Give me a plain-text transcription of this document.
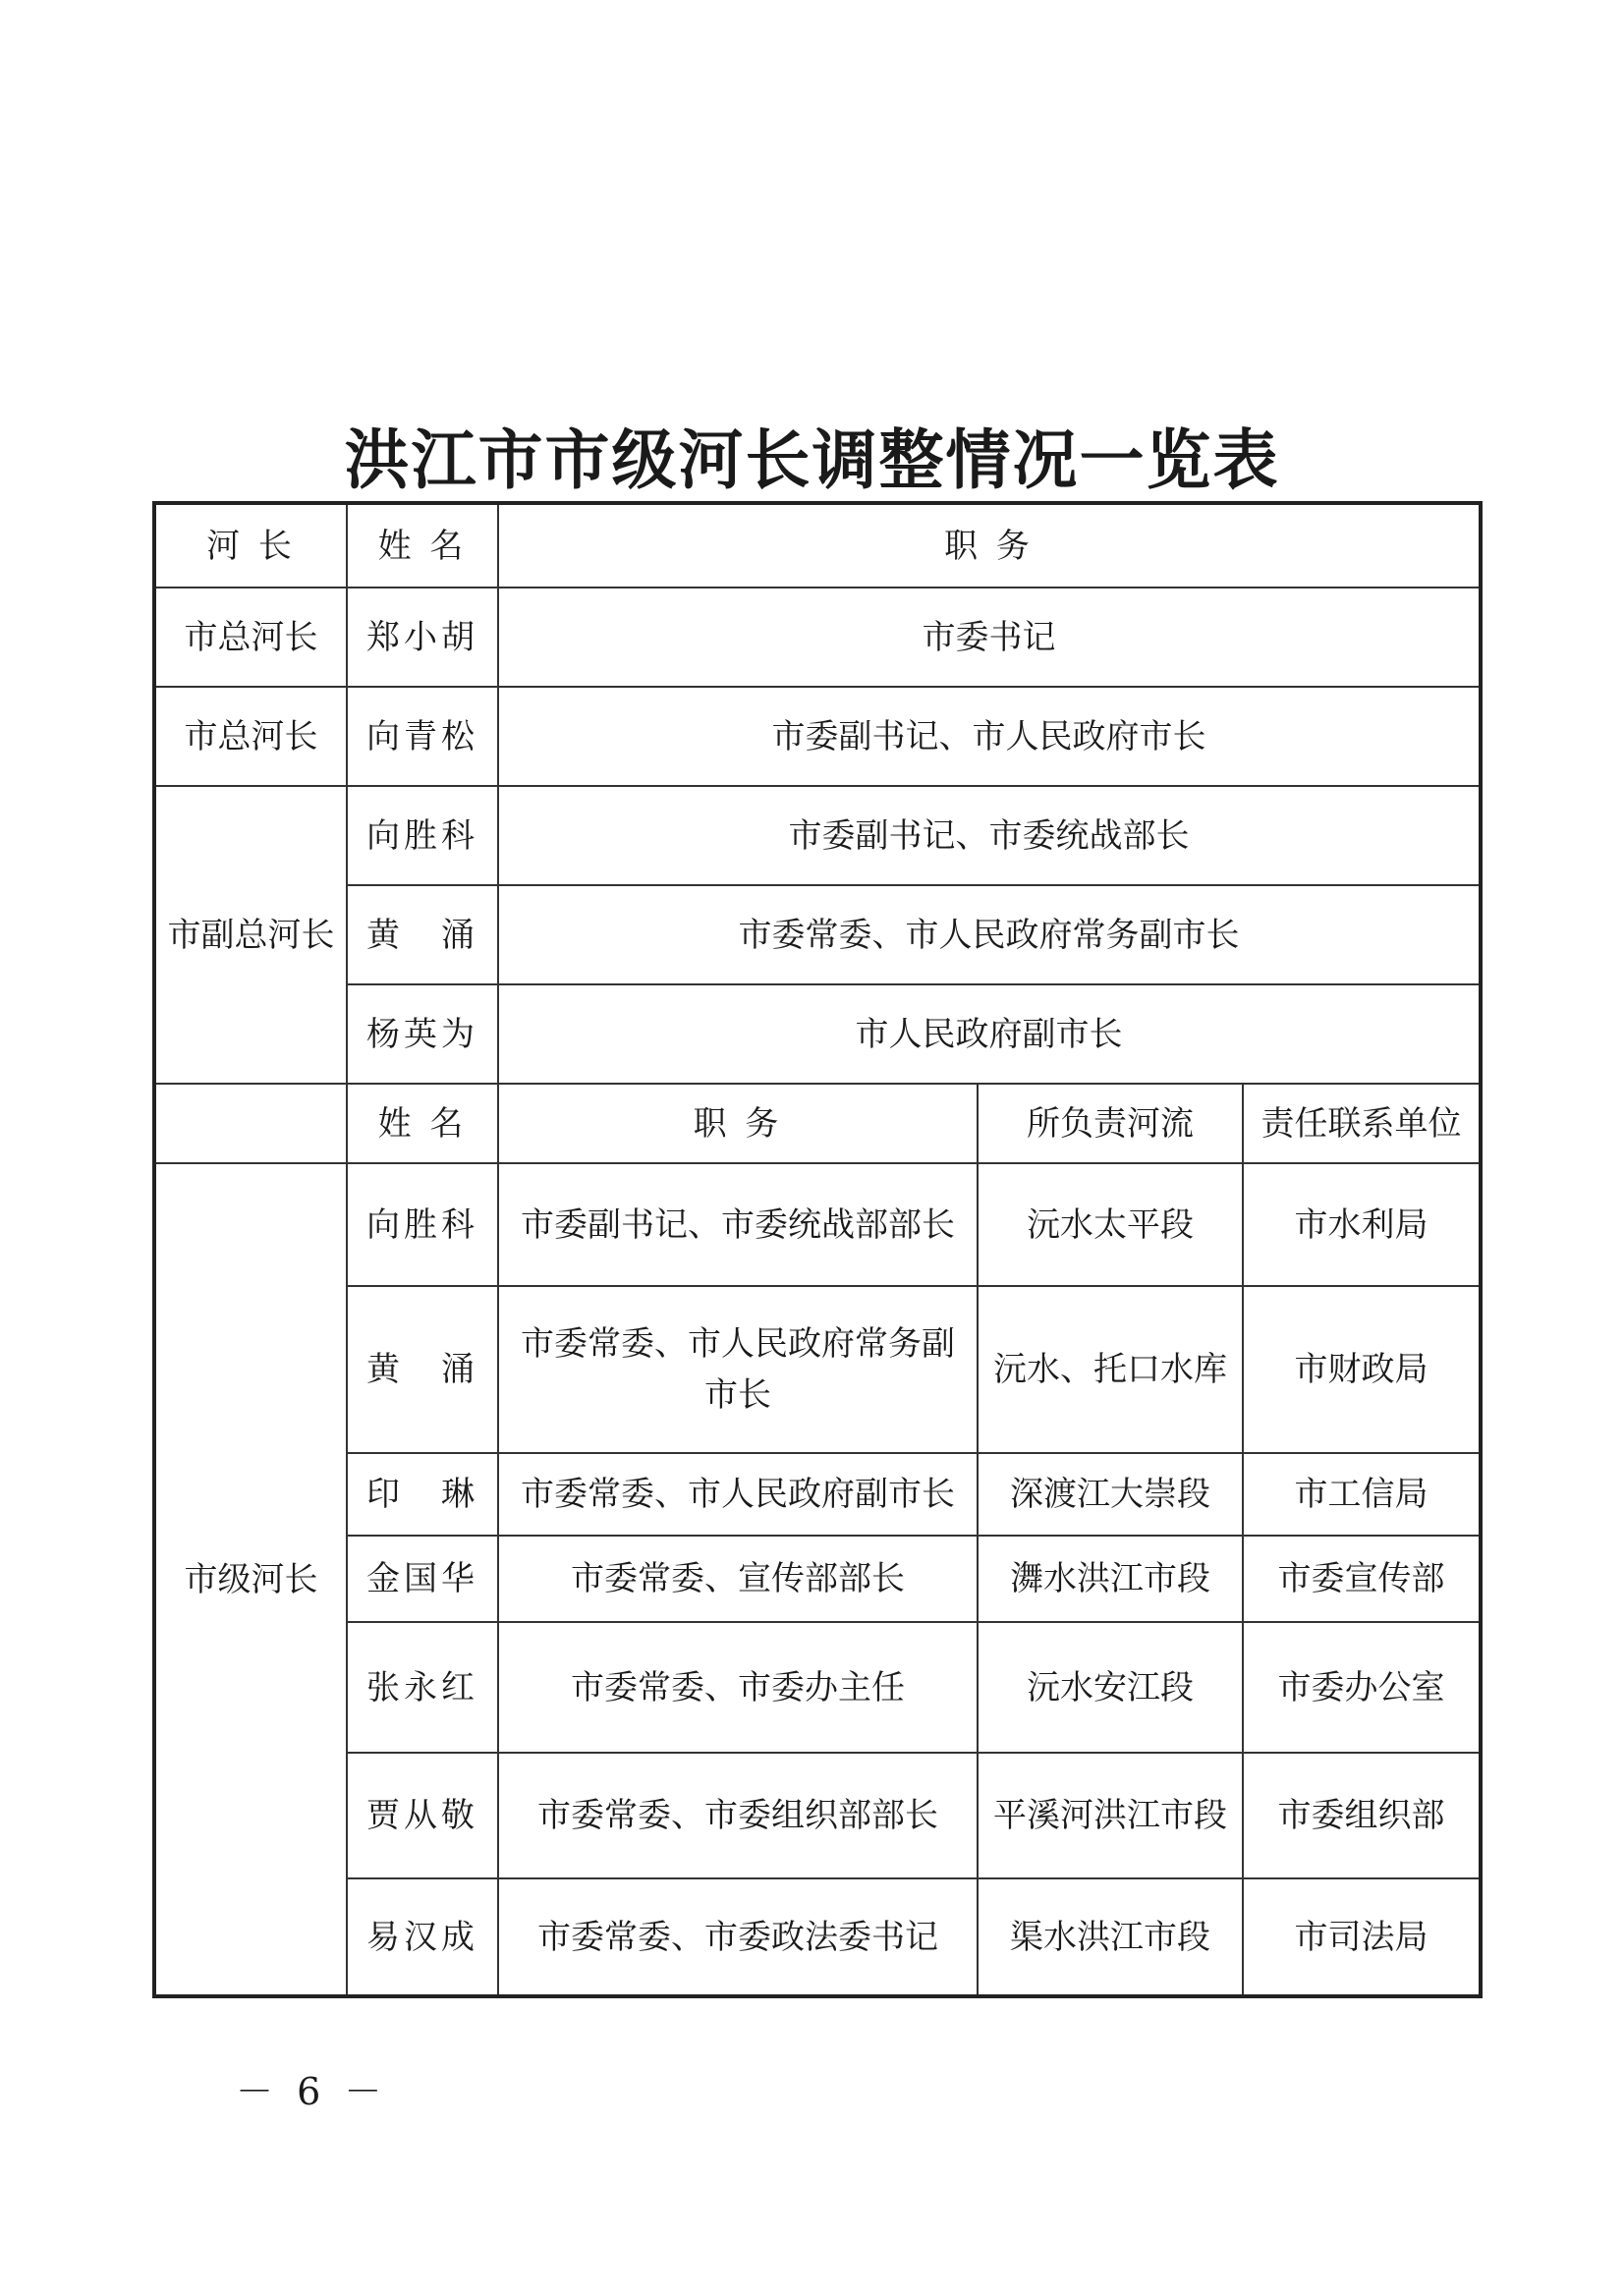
洪江市市级河长调整情况一览表
河 长	姓 名	职 务		
市总河长	郑小胡	市委书记		
市总河长	向青松	市委副书记、市人民政府市长		
市副总河长	向胜科	市委副书记、市委统战部长		
	黄　涌	市委常委、市人民政府常务副市长		
	杨英为	市人民政府副市长		
	姓 名	职 务	所负责河流	责任联系单位
市级河长	向胜科	市委副书记、市委统战部部长	沅水太平段	市水利局
	黄　涌	市委常委、市人民政府常务副市长	沅水、托口水库	市财政局
	印　琳	市委常委、市人民政府副市长	深渡江大崇段	市工信局
	金国华	市委常委、宣传部部长	㵲水洪江市段	市委宣传部
	张永红	市委常委、市委办主任	沅水安江段	市委办公室
	贾从敬	市委常委、市委组织部部长	平溪河洪江市段	市委组织部
	易汉成	市委常委、市委政法委书记	渠水洪江市段	市司法局
－ 6 －
